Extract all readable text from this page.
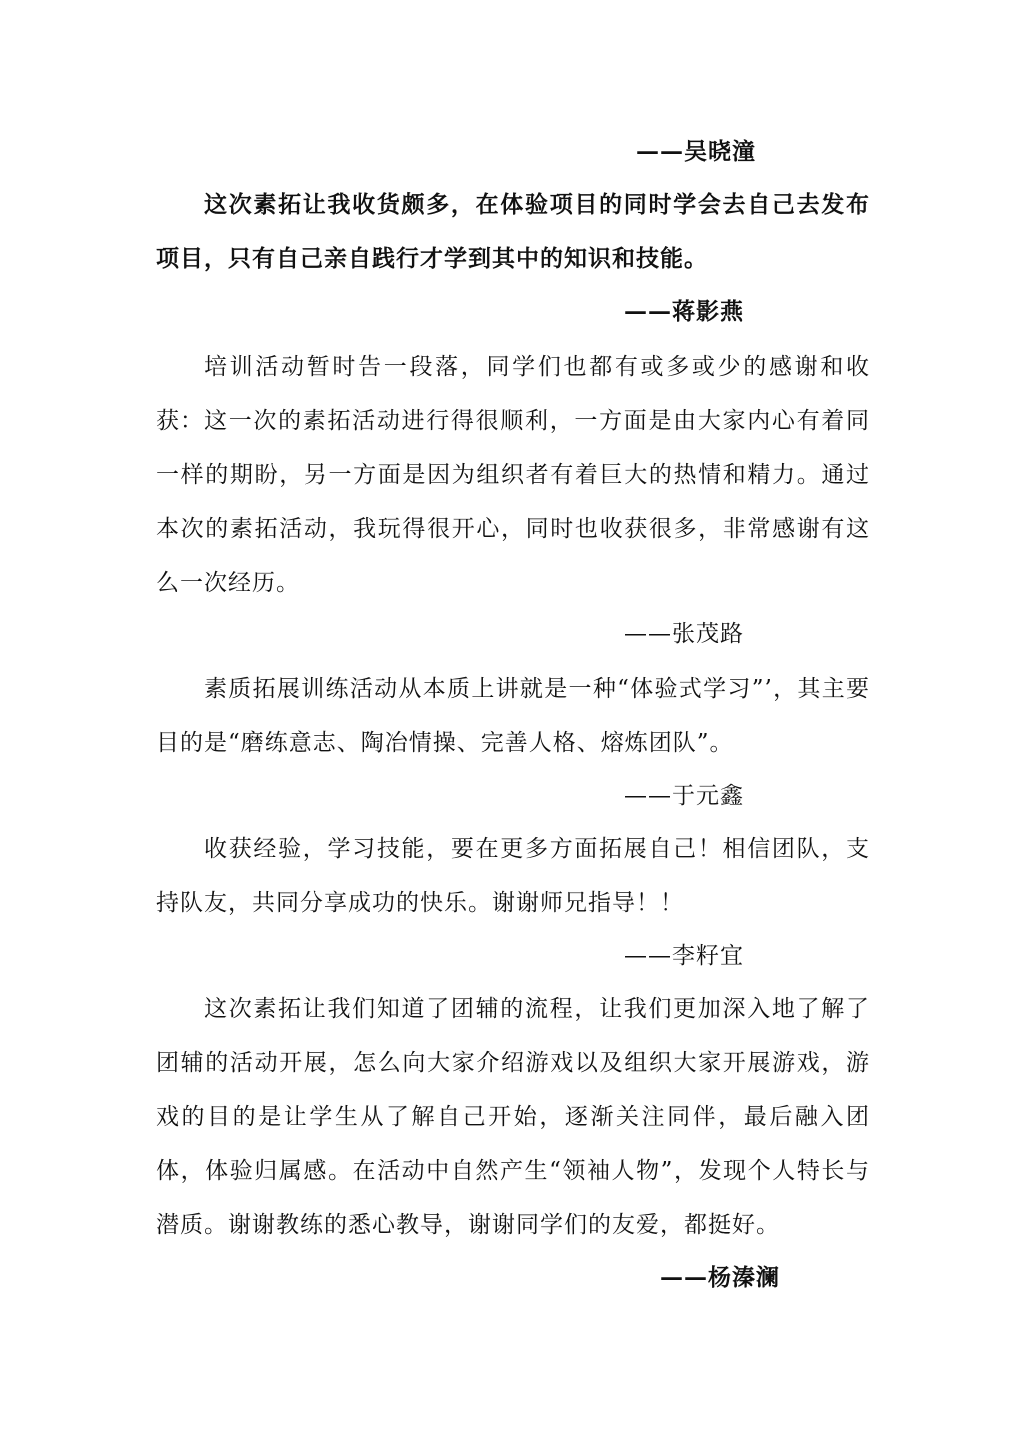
——吴晓潼

这次素拓让我收货颇多，在体验项目的同时学会去自己去发布项目，只有自己亲自践行才学到其中的知识和技能。

——蒋影燕

培训活动暂时告一段落，同学们也都有或多或少的感谢和收获： 这一次的素拓活动进行得很顺利，一方面是由大家内心有着同一样的期盼，另一方面是因为组织者有着巨大的热情和精力。通过本次的素拓活动，我玩得很开心，同时也收获很多，非常感谢有这么一次经历。

——张茂路

素质拓展训练活动从本质上讲就是一种“体验式学习”’，其主要目的是“磨练意志、陶冶情操、完善人格、熔炼团队”。

——于元鑫

收获经验，学习技能，要在更多方面拓展自己！相信团队，支持队友，共同分享成功的快乐。谢谢师兄指导！！

——李籽宜

这次素拓让我们知道了团辅的流程，让我们更加深入地了解了团辅的活动开展，怎么向大家介绍游戏以及组织大家开展游戏，游戏的目的是让学生从了解自己开始，逐渐关注同伴，最后融入团体，体验归属感。在活动中自然产生“领袖人物”，发现个人特长与潜质。谢谢教练的悉心教导，谢谢同学们的友爱，都挺好。

——杨溱澜
